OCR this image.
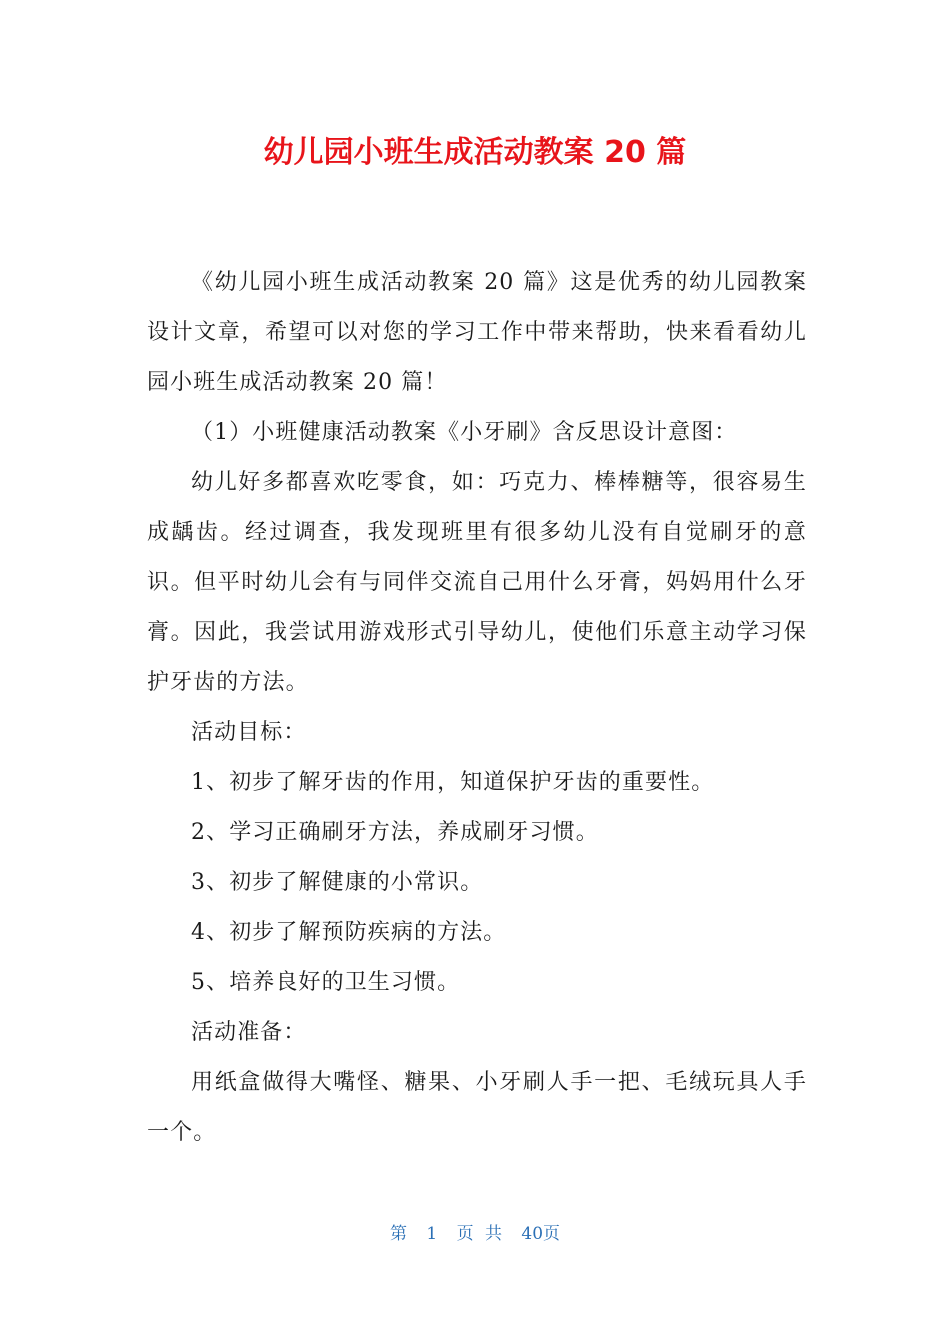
幼儿园小班生成活动教案 20 篇

《幼儿园小班生成活动教案 20 篇》这是优秀的幼儿园教案设计文章，希望可以对您的学习工作中带来帮助，快来看看幼儿园小班生成活动教案 20 篇！

（1）小班健康活动教案《小牙刷》含反思设计意图：

幼儿好多都喜欢吃零食，如：巧克力、棒棒糖等，很容易生成龋齿。经过调查，我发现班里有很多幼儿没有自觉刷牙的意识。但平时幼儿会有与同伴交流自己用什么牙膏，妈妈用什么牙膏。因此，我尝试用游戏形式引导幼儿，使他们乐意主动学习保护牙齿的方法。

活动目标：

1、初步了解牙齿的作用，知道保护牙齿的重要性。

2、学习正确刷牙方法，养成刷牙习惯。

3、初步了解健康的小常识。

4、初步了解预防疾病的方法。

5、培养良好的卫生习惯。

活动准备：

用纸盒做得大嘴怪、糖果、小牙刷人手一把、毛绒玩具人手一个。

第 1 页 共 40页
